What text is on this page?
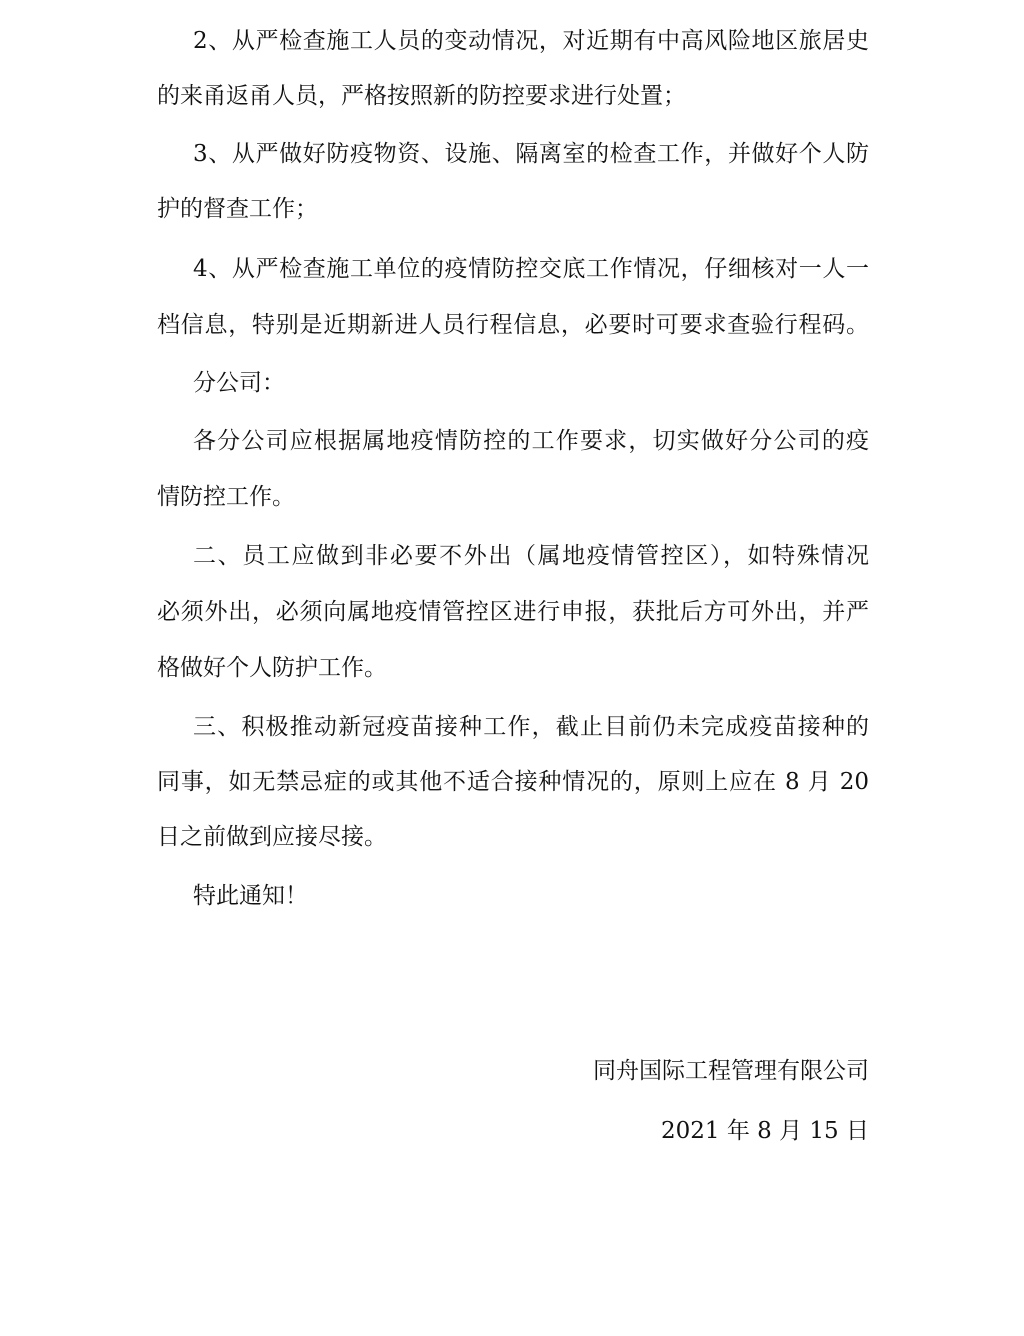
2、从严检查施工人员的变动情况，对近期有中高风险地区旅居史

的来甬返甬人员，严格按照新的防控要求进行处置；

3、从严做好防疫物资、设施、隔离室的检查工作，并做好个人防

护的督查工作；

4、从严检查施工单位的疫情防控交底工作情况，仔细核对一人一

档信息，特别是近期新进人员行程信息，必要时可要求查验行程码。

分公司：

各分公司应根据属地疫情防控的工作要求，切实做好分公司的疫

情防控工作。

二、员工应做到非必要不外出（属地疫情管控区），如特殊情况

必须外出，必须向属地疫情管控区进行申报，获批后方可外出，并严

格做好个人防护工作。

三、积极推动新冠疫苗接种工作，截止目前仍未完成疫苗接种的

同事，如无禁忌症的或其他不适合接种情况的，原则上应在 8 月 20

日之前做到应接尽接。

特此通知！

同舟国际工程管理有限公司

2021 年 8 月 15 日
